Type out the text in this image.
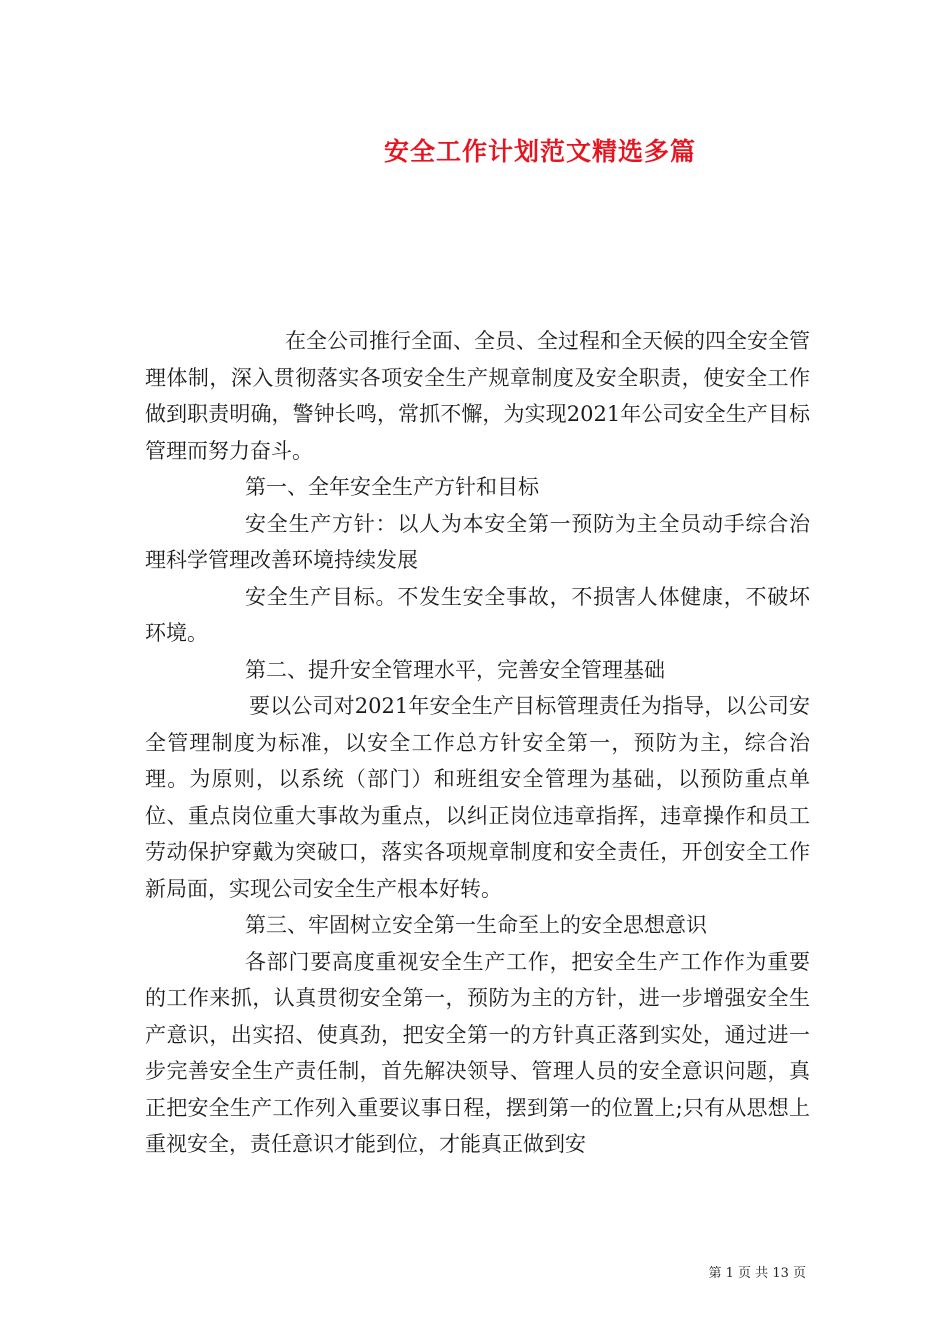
安全工作计划范文精选多篇

在全公司推行全面、全员、全过程和全天候的四全安全管理体制，深入贯彻落实各项安全生产规章制度及安全职责，使安全工作做到职责明确，警钟长鸣，常抓不懈，为实现2021年公司安全生产目标管理而努力奋斗。

第一、全年安全生产方针和目标

安全生产方针：以人为本安全第一预防为主全员动手综合治理科学管理改善环境持续发展

安全生产目标。不发生安全事故，不损害人体健康，不破坏环境。

第二、提升安全管理水平，完善安全管理基础

要以公司对2021年安全生产目标管理责任为指导，以公司安全管理制度为标准，以安全工作总方针安全第一，预防为主，综合治理。为原则，以系统（部门）和班组安全管理为基础，以预防重点单位、重点岗位重大事故为重点，以纠正岗位违章指挥，违章操作和员工劳动保护穿戴为突破口，落实各项规章制度和安全责任，开创安全工作新局面，实现公司安全生产根本好转。

第三、牢固树立安全第一生命至上的安全思想意识

各部门要高度重视安全生产工作，把安全生产工作作为重要的工作来抓，认真贯彻安全第一，预防为主的方针，进一步增强安全生产意识，出实招、使真劲，把安全第一的方针真正落到实处，通过进一步完善安全生产责任制，首先解决领导、管理人员的安全意识问题，真正把安全生产工作列入重要议事日程，摆到第一的位置上;只有从思想上重视安全，责任意识才能到位，才能真正做到安

第 1 页 共 13 页
